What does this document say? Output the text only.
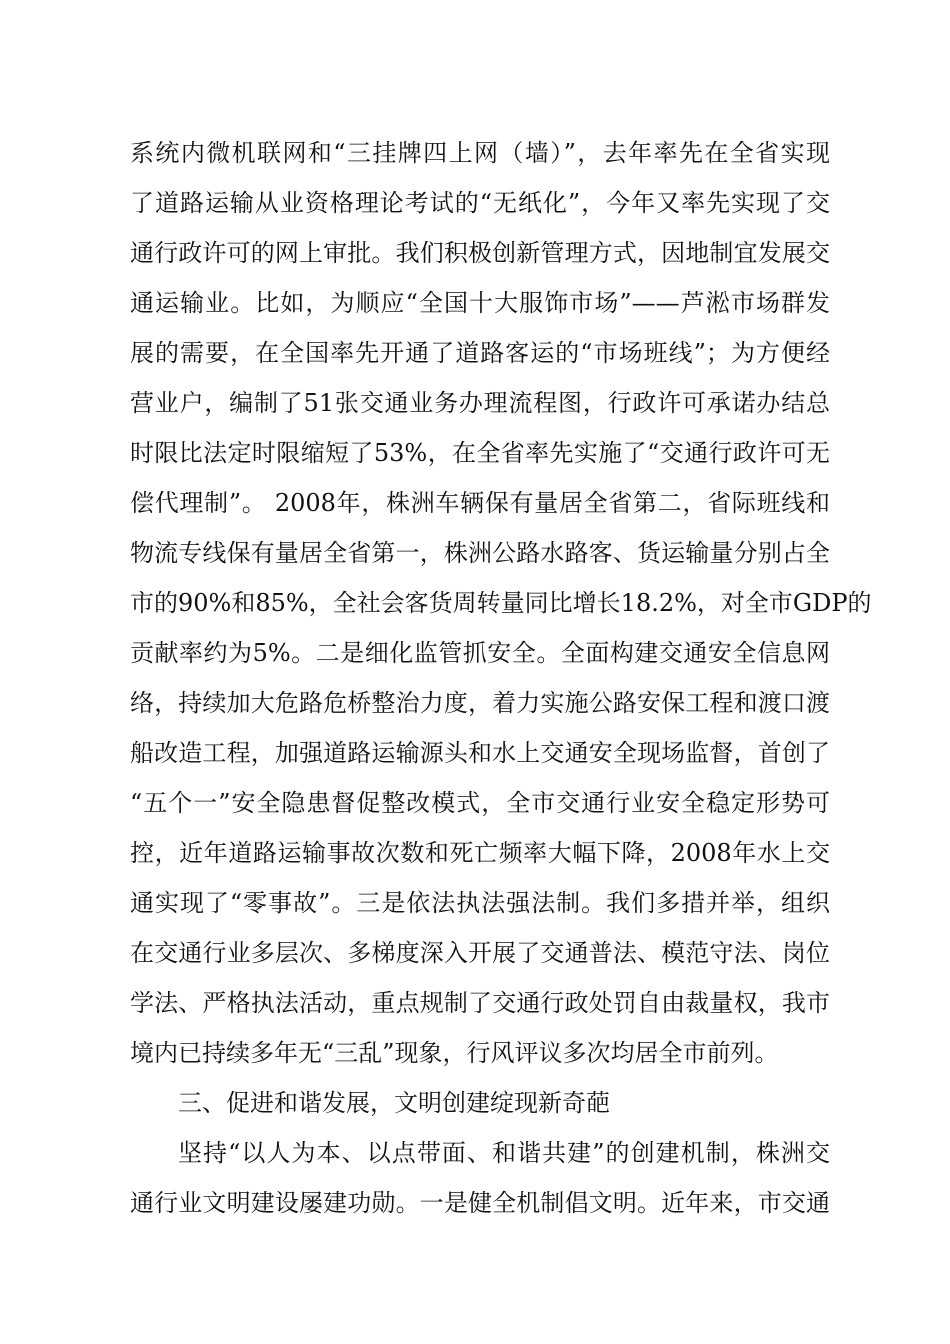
系统内微机联网和“三挂牌四上网（墙）”，去年率先在全省实现
了道路运输从业资格理论考试的“无纸化”，今年又率先实现了交
通行政许可的网上审批。我们积极创新管理方式，因地制宜发展交
通运输业。比如，为顺应“全国十大服饰市场”——芦淞市场群发
展的需要，在全国率先开通了道路客运的“市场班线”；为方便经
营业户，编制了51张交通业务办理流程图，行政许可承诺办结总
时限比法定时限缩短了53%，在全省率先实施了“交通行政许可无
偿代理制”。 2008年，株洲车辆保有量居全省第二，省际班线和
物流专线保有量居全省第一，株洲公路水路客、货运输量分别占全
市的90%和85%，全社会客货周转量同比增长18.2%，对全市GDP的
贡献率约为5%。二是细化监管抓安全。全面构建交通安全信息网
络，持续加大危路危桥整治力度，着力实施公路安保工程和渡口渡
船改造工程，加强道路运输源头和水上交通安全现场监督，首创了
“五个一”安全隐患督促整改模式，全市交通行业安全稳定形势可
控，近年道路运输事故次数和死亡频率大幅下降，2008年水上交
通实现了“零事故”。三是依法执法强法制。我们多措并举，组织
在交通行业多层次、多梯度深入开展了交通普法、模范守法、岗位
学法、严格执法活动，重点规制了交通行政处罚自由裁量权，我市
境内已持续多年无“三乱”现象，行风评议多次均居全市前列。
三、促进和谐发展，文明创建绽现新奇葩
坚持“以人为本、以点带面、和谐共建”的创建机制，株洲交
通行业文明建设屡建功勋。一是健全机制倡文明。近年来，市交通
